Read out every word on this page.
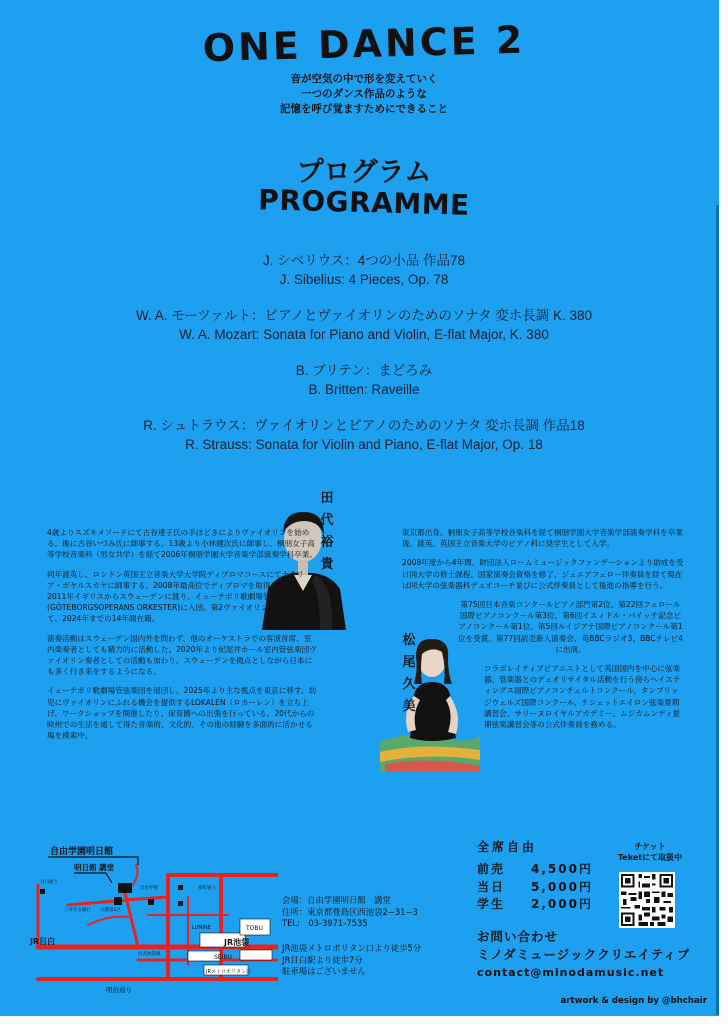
ONE DANCE 2
音が空気の中で形を変えていく
一つのダンス作品のような
記憶を呼び覚ますためにできること
プログラム
PROGRAMME
J. シベリウス：4つの小品 作品78
J. Sibelius: 4 Pieces, Op. 78
W. A. モーツァルト：ピアノとヴァイオリンのためのソナタ 変ホ長調 K. 380
W. A. Mozart: Sonata for Piano and Violin, E-flat Major, K. 380
B. ブリテン：まどろみ
B. Britten: Raveille
R. シュトラウス：ヴァイオリンとピアノのためのソナタ 変ホ長調 作品18
R. Strauss: Sonata for Violin and Piano, E-flat Major, Op. 18
田
代
裕
貴

4歳よりスズキメソードにて古谷達子氏の手ほどきによりヴァイオリンを始める。後に古谷いづみ氏に師事する。13歳より小林健次氏に師事し、桐朋女子高等学校音楽科（男女共学）を経て2006年桐朋学園大学音楽学部演奏学科卒業。

同年渡英し、ロンドン英国王立音楽大学大学院ディプロマコースにてナタリア・ボヤルスカヤに師事する。2008年最高位でディプロマを取得し修了。2011年イギリスからスウェーデンに渡り、イェーテボリ歌劇場管弦楽団(GÖTEBORGSOPERANS ORKESTER)に入団。第2ヴァイオリン首席奏者として、2024年までの14年間在籍。

演奏活動はスウェーデン国内外を問わず、他のオーケストラでの客演首席、室内楽奏者としても精力的に活動した。2020年より紀尾井ホール室内管弦楽団ヴァイオリン奏者としての活動も加わり、スウェーデンを拠点としながら日本にも多く行き来をするようになる。

イェーテボリ歌劇場管弦楽団を退団し、2025年より主な拠点を東京に移す。幼児にヴァイオリンにふれる機会を提供するLOKALEN（ロカーレン）を立ち上げ、ワークショップを開催したり、保育園への出張を行っている。20代からの欧州での生活を通して得た音楽的、文化的、その他の経験を多面的に活かせる場を模索中。

松
尾
久
美

東京都出身。桐朋女子高等学校音楽科を経て桐朋学園大学音楽学部演奏学科を卒業後、渡英。英国王立音楽大学のピアノ科に奨学生として入学。

2008年度から4年間、財団法人ロームミュージックファンデーションより助成を受け同大学の修士課程、国家演奏会資格を修了、ジュニアフェロー伴奏員を経て現在は同大学の弦楽器科デュオコーチ並びに公式伴奏員として後進の指導を行う。

第75回日本音楽コンクールピアノ部門第2位、第22回フェロール国際ピアノコンクール第3位、第6回イスィドル・バイッチ記念ピアノコンクール第1位、第5回ルイジアナ国際ピアノコンクール第1位を受賞。第77回読売新人演奏会、英BBCラジオ3、BBCテレビ4に出演。

コラボレイティブピアニストとして英国国内を中心に弦楽器、管楽器とのデュオリサイタル活動を行う傍らヘイスティングス国際ピアノコンチェルトコンクール、タンブリッジウェルズ国際コンクール、ケシェットエイロン弦楽夏期講習会、サリーヌロイヤルアカデミー、ムジカムンディ夏期弦楽講習会等の公式伴奏員を務める。

自由学園明日館
明日館 講堂
JR目白	JR池袋
明治通り
SEIBU
TOBU
LUMINE
JRメトロポリタン口
目白通り
三井住友銀行 立教第2区
西武池袋線
要町通り
自由学園
会場：自由学園明日館　講堂
住所：東京都豊島区西池袋2−31−3
TEL:　03-3971-7535
JR池袋メトロポリタン口より徒歩5分
JR目白駅より徒歩7分
駐車場はございません
全席自由
前売 4,500円
当日 5,000円
学生 2,000円
お問い合わせ
ミノダミュージッククリエイティブ
contact@minodamusic.net
チケット
Teketにて取扱中
artwork & design by @bhchair
